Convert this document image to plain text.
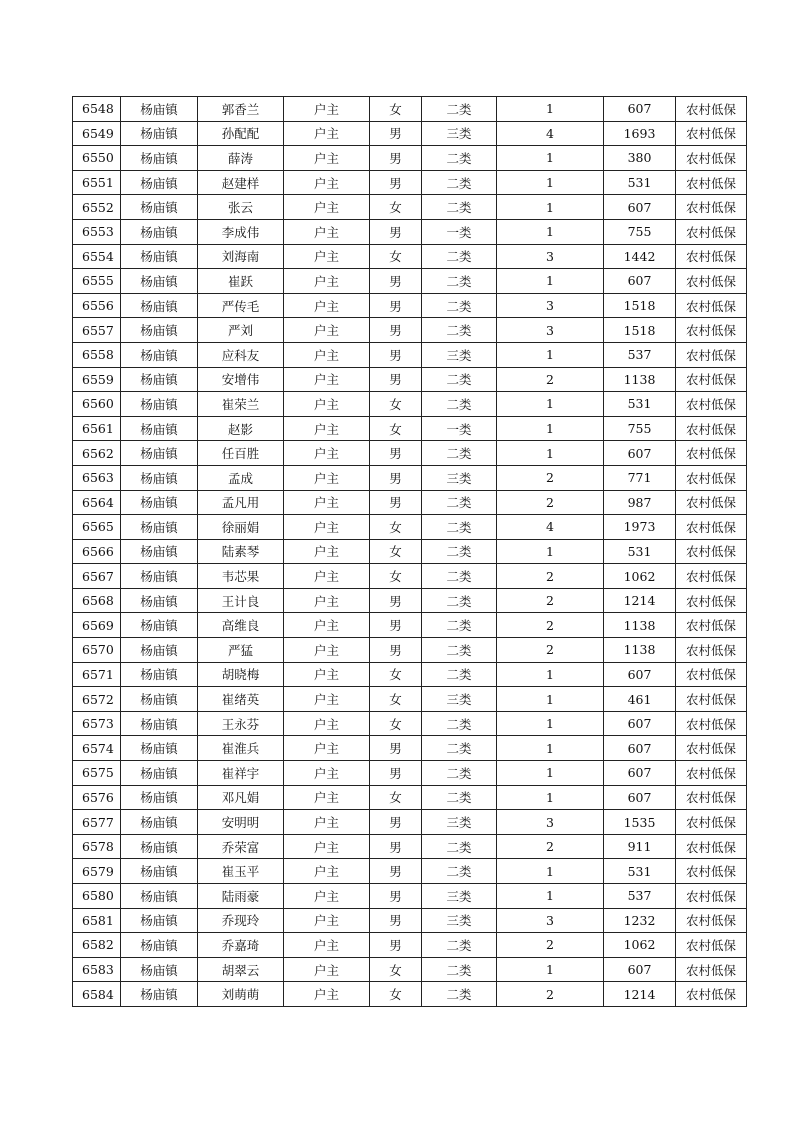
6548	杨庙镇	郭香兰	户主	女	二类	1	607	农村低保
6549	杨庙镇	孙配配	户主	男	三类	4	1693	农村低保
6550	杨庙镇	薛涛	户主	男	二类	1	380	农村低保
6551	杨庙镇	赵建样	户主	男	二类	1	531	农村低保
6552	杨庙镇	张云	户主	女	二类	1	607	农村低保
6553	杨庙镇	李成伟	户主	男	一类	1	755	农村低保
6554	杨庙镇	刘海南	户主	女	二类	3	1442	农村低保
6555	杨庙镇	崔跃	户主	男	二类	1	607	农村低保
6556	杨庙镇	严传毛	户主	男	二类	3	1518	农村低保
6557	杨庙镇	严刘	户主	男	二类	3	1518	农村低保
6558	杨庙镇	应科友	户主	男	三类	1	537	农村低保
6559	杨庙镇	安增伟	户主	男	二类	2	1138	农村低保
6560	杨庙镇	崔荣兰	户主	女	二类	1	531	农村低保
6561	杨庙镇	赵影	户主	女	一类	1	755	农村低保
6562	杨庙镇	任百胜	户主	男	二类	1	607	农村低保
6563	杨庙镇	孟成	户主	男	三类	2	771	农村低保
6564	杨庙镇	孟凡用	户主	男	二类	2	987	农村低保
6565	杨庙镇	徐丽娟	户主	女	二类	4	1973	农村低保
6566	杨庙镇	陆素琴	户主	女	二类	1	531	农村低保
6567	杨庙镇	韦芯果	户主	女	二类	2	1062	农村低保
6568	杨庙镇	王计良	户主	男	二类	2	1214	农村低保
6569	杨庙镇	高维良	户主	男	二类	2	1138	农村低保
6570	杨庙镇	严猛	户主	男	二类	2	1138	农村低保
6571	杨庙镇	胡晓梅	户主	女	二类	1	607	农村低保
6572	杨庙镇	崔绪英	户主	女	三类	1	461	农村低保
6573	杨庙镇	王永芬	户主	女	二类	1	607	农村低保
6574	杨庙镇	崔淮兵	户主	男	二类	1	607	农村低保
6575	杨庙镇	崔祥宇	户主	男	二类	1	607	农村低保
6576	杨庙镇	邓凡娟	户主	女	二类	1	607	农村低保
6577	杨庙镇	安明明	户主	男	三类	3	1535	农村低保
6578	杨庙镇	乔荣富	户主	男	二类	2	911	农村低保
6579	杨庙镇	崔玉平	户主	男	二类	1	531	农村低保
6580	杨庙镇	陆雨豪	户主	男	三类	1	537	农村低保
6581	杨庙镇	乔现玲	户主	男	三类	3	1232	农村低保
6582	杨庙镇	乔嘉琦	户主	男	二类	2	1062	农村低保
6583	杨庙镇	胡翠云	户主	女	二类	1	607	农村低保
6584	杨庙镇	刘萌萌	户主	女	二类	2	1214	农村低保
